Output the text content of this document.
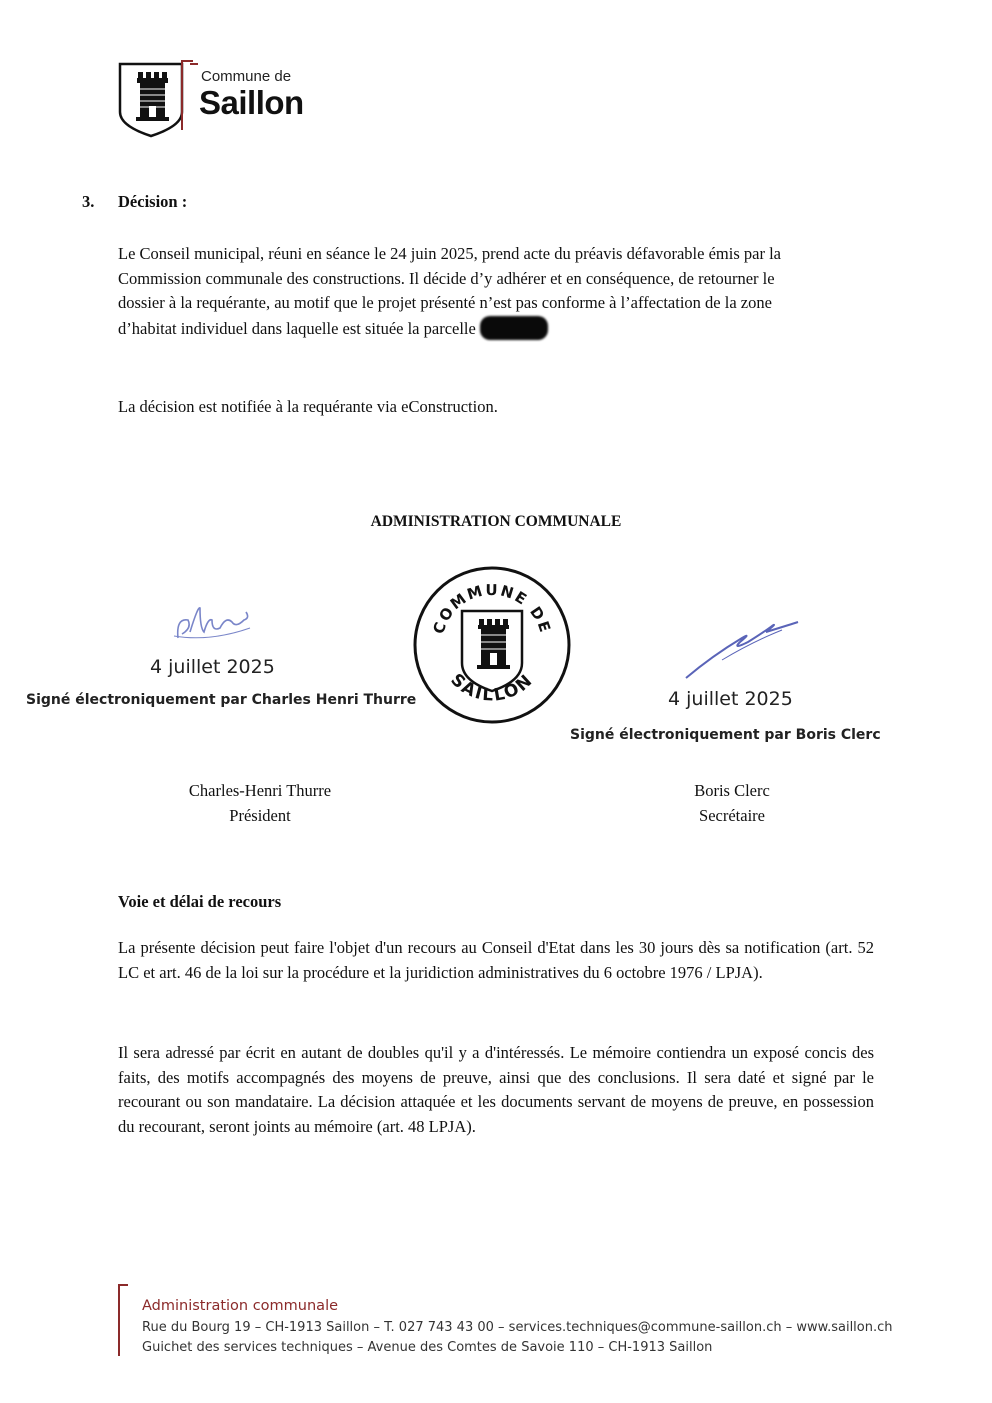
Commune de
Saillon
3. Décision :

Le Conseil municipal, réuni en séance le 24 juin 2025, prend acte du préavis défavorable émis par la

Commission communale des constructions. Il décide d’y adhérer et en conséquence, de retourner le

dossier à la requérante, au motif que le projet présenté n’est pas conforme à l’affectation de la zone

d’habitat individuel dans laquelle est située la parcelle

La décision est notifiée à la requérante via eConstruction.
ADMINISTRATION COMMUNALE
4 juillet 2025
Signé électroniquement par Charles Henri Thurre
COMMUNE DE
SAILLON
4 juillet 2025
Signé électroniquement par Boris Clerc
Charles-Henri Thurre
Président
Boris Clerc
Secrétaire
Voie et délai de recours

La présente décision peut faire l'objet d'un recours au Conseil d'Etat dans les 30 jours dès sa notification (art. 52 LC et art. 46 de la loi sur la procédure et la juridiction administratives du 6 octobre 1976 / LPJA).

Il sera adressé par écrit en autant de doubles qu'il y a d'intéressés. Le mémoire contiendra un exposé concis des faits, des motifs accompagnés des moyens de preuve, ainsi que des conclusions. Il sera daté et signé par le recourant ou son mandataire. La décision attaquée et les documents servant de moyens de preuve, en possession du recourant, seront joints au mémoire (art. 48 LPJA).

Administration communale
Rue du Bourg 19 – CH-1913 Saillon – T. 027 743 43 00 – services.techniques@commune-saillon.ch – www.saillon.ch
Guichet des services techniques – Avenue des Comtes de Savoie 110 – CH-1913 Saillon
